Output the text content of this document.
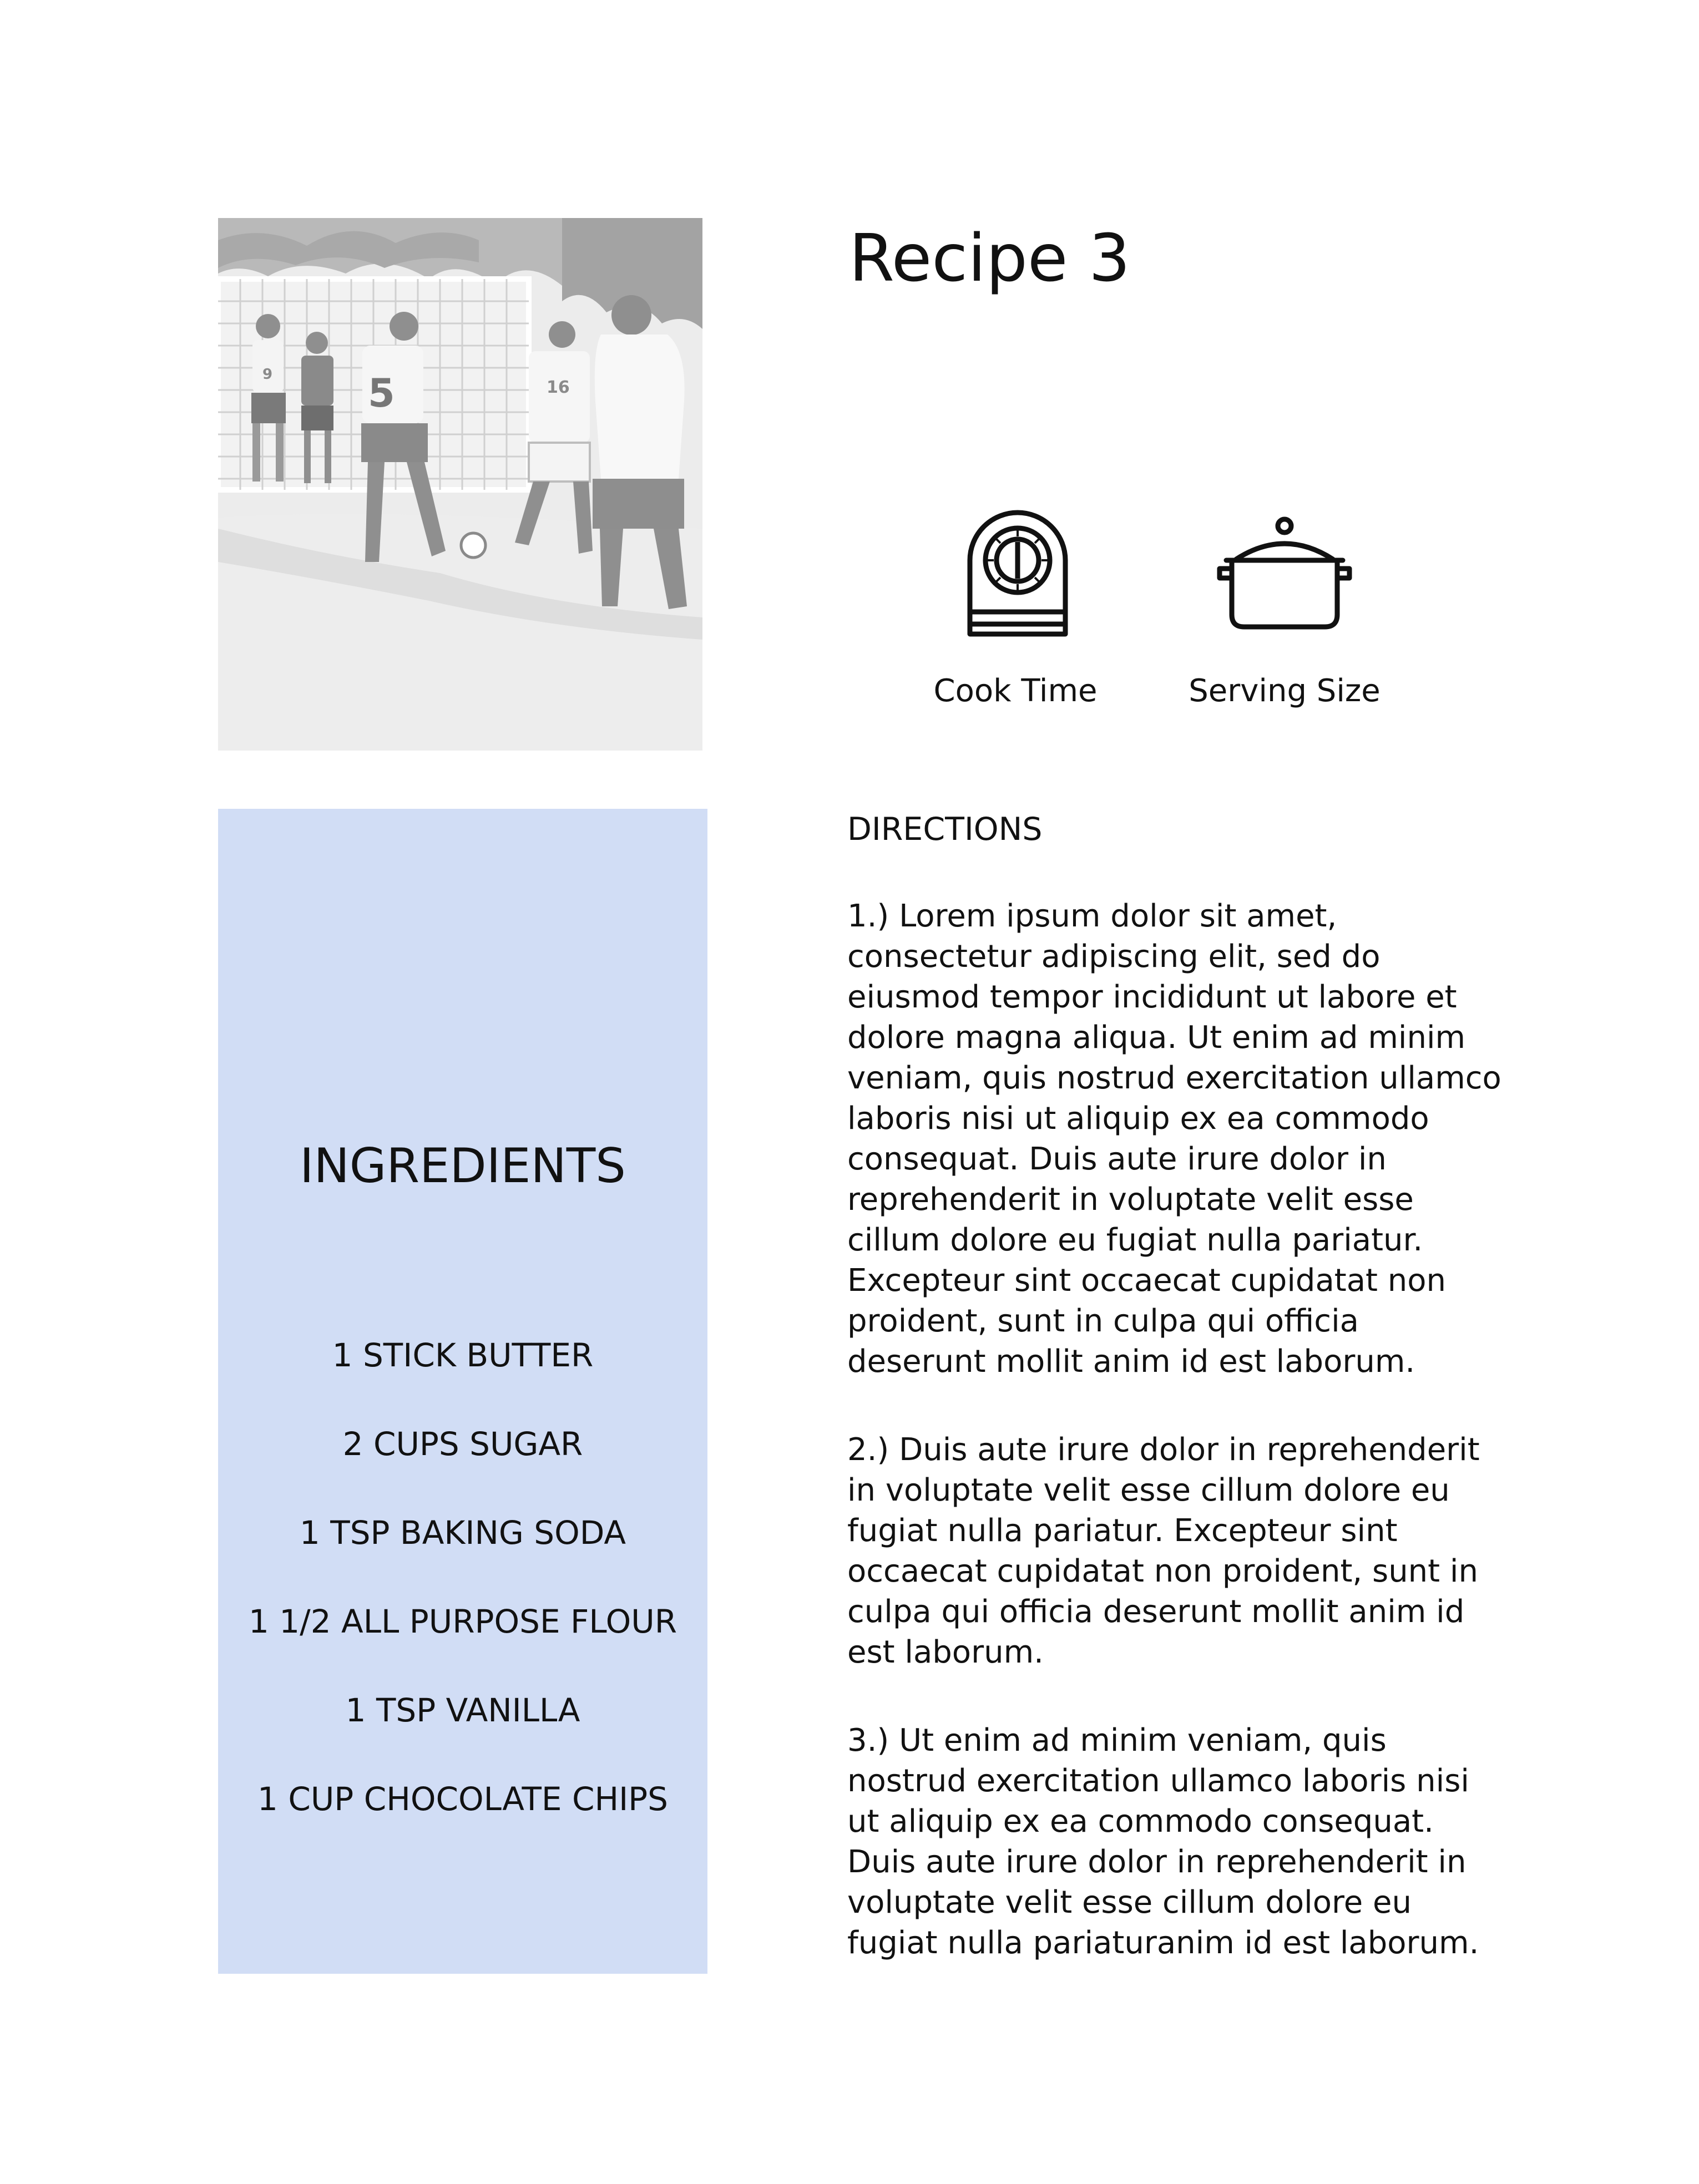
9 5	16
Recipe 3
Cook Time	Serving Size
INGREDIENTS
1 STICK BUTTER
2 CUPS SUGAR
1 TSP BAKING SODA
1 1/2 ALL PURPOSE FLOUR
1 TSP VANILLA
1 CUP CHOCOLATE CHIPS
DIRECTIONS

1.) Lorem ipsum dolor sit amet, consectetur adipiscing elit, sed do eiusmod tempor incididunt ut labore et dolore magna aliqua. Ut enim ad minim veniam, quis nostrud exercitation ullamco laboris nisi ut aliquip ex ea commodo consequat. Duis aute irure dolor in reprehenderit in voluptate velit esse cillum dolore eu fugiat nulla pariatur. Excepteur sint occaecat cupidatat non proident, sunt in culpa qui officia deserunt mollit anim id est laborum.

2.) Duis aute irure dolor in reprehenderit in voluptate velit esse cillum dolore eu fugiat nulla pariatur. Excepteur sint occaecat cupidatat non proident, sunt in culpa qui officia deserunt mollit anim id est laborum.

3.) Ut enim ad minim veniam, quis nostrud exercitation ullamco laboris nisi ut aliquip ex ea commodo consequat. Duis aute irure dolor in reprehenderit in voluptate velit esse cillum dolore eu fugiat nulla pariaturanim id est laborum.
